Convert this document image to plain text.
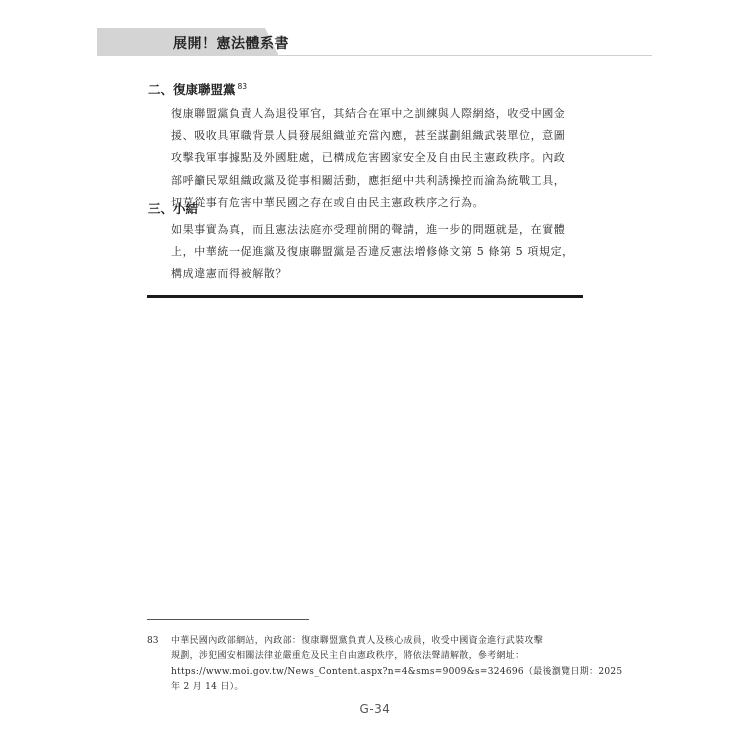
展開！憲法體系書
二、復康聯盟黨 $^{83}$
復康聯盟黨負責人為退役軍官，其結合在軍中之訓練與人際網絡，收受中國金
援、吸收具軍職背景人員發展組織並充當內應，甚至謀劃組織武裝單位，意圖
攻擊我軍事據點及外國駐處，已構成危害國家安全及自由民主憲政秩序。內政
部呼籲民眾組織政黨及從事相關活動，應拒絕中共利誘操控而淪為統戰工具，
切莫從事有危害中華民國之存在或自由民主憲政秩序之行為。
三、小結
如果事實為真，而且憲法法庭亦受理前開的聲請，進一步的問題就是，在實體
上，中華統一促進黨及復康聯盟黨是否違反憲法增修條文第 5 條第 5 項規定，
構成違憲而得被解散？
83 中華民國內政部網站，內政部：復康聯盟黨負責人及核心成員，收受中國資金進行武裝攻擊
規劃，涉犯國安相關法律並嚴重危及民主自由憲政秩序，將依法聲請解散，參考網址：
https://www.moi.gov.tw/News_Content.aspx?n=4&sms=9009&s=324696（最後瀏覽日期：2025
年 2 月 14 日）。
G-34
